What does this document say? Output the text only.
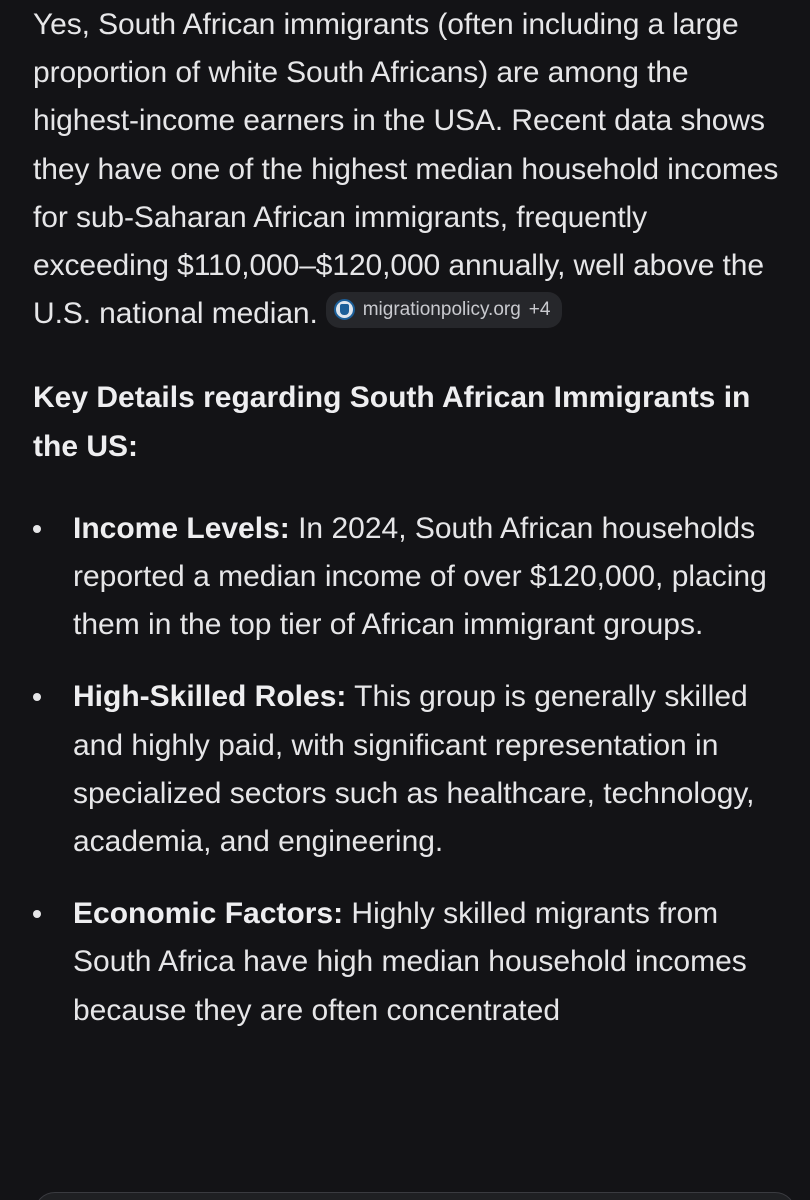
Yes, South African immigrants (often including a large proportion of white South Africans) are among the highest-income earners in the USA. Recent data shows they have one of the highest median household incomes for sub-Saharan African immigrants, frequently exceeding $110,000–$120,000 annually, well above the U.S. national median. migrationpolicy.org +4

Key Details regarding South African Immigrants in the US:
Income Levels: In 2024, South African households reported a median income of over $120,000, placing them in the top tier of African immigrant groups.
High-Skilled Roles: This group is generally skilled and highly paid, with significant representation in specialized sectors such as healthcare, technology, academia, and engineering.
Economic Factors: Highly skilled migrants from South Africa have high median household incomes because they are often concentrated
